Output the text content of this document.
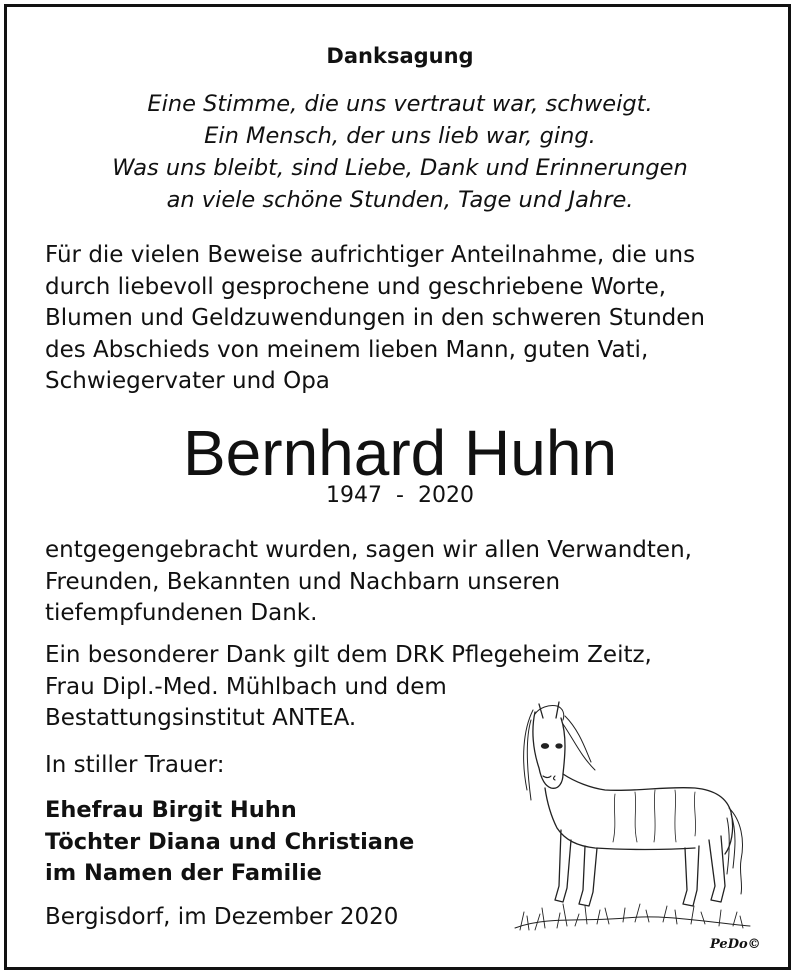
Danksagung
Eine Stimme, die uns vertraut war, schweigt.
Ein Mensch, der uns lieb war, ging.
Was uns bleibt, sind Liebe, Dank und Erinnerungen
an viele schöne Stunden, Tage und Jahre.
Für die vielen Beweise aufrichtiger Anteilnahme, die uns
durch liebevoll gesprochene und geschriebene Worte,
Blumen und Geldzuwendungen in den schweren Stunden
des Abschieds von meinem lieben Mann, guten Vati,
Schwiegervater und Opa
Bernhard Huhn
1947  -  2020
entgegengebracht wurden, sagen wir allen Verwandten,
Freunden, Bekannten und Nachbarn unseren
tiefempfundenen Dank.
Ein besonderer Dank gilt dem DRK Pflegeheim Zeitz,
Frau Dipl.-Med. Mühlbach und dem
Bestattungsinstitut ANTEA.
In stiller Trauer:
Ehefrau Birgit Huhn
Töchter Diana und Christiane
im Namen der Familie
Bergisdorf, im Dezember 2020
PeDo©
